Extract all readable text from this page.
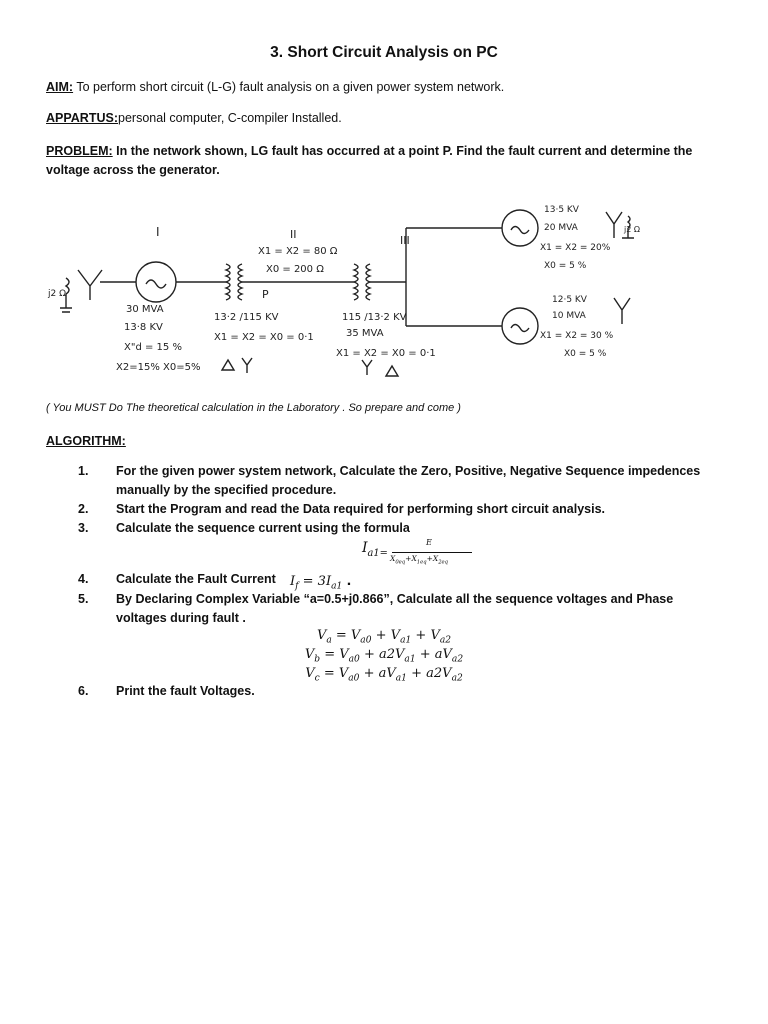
3. Short Circuit Analysis on PC
AIM: To perform short circuit (L-G) fault analysis on a given power system network.
APPARTUS:personal computer, C-compiler Installed.
PROBLEM: In the network shown, LG fault has occurred at a point P. Find the fault current and determine the voltage across the generator.
I
j2 Ω
30 MVA
13·8 KV
X"d = 15 %
X2=15% X0=5%
13·2 /115 KV
X1 = X2 = X0 = 0·1
II
X1 = X2 = 80 Ω
X0 = 200 Ω
P
III
115 /13·2 KV
35 MVA
X1 = X2 = X0 = 0·1
13·5 KV
20 MVA
X1 = X2 = 20%
X0 = 5 %
j2 Ω
12·5 KV
10 MVA
X1 = X2 = 30 %
X0 = 5 %
( You MUST Do The theoretical calculation in the Laboratory . So prepare and come )
ALGORITHM:
1.	For the given power system network, Calculate the Zero, Positive, Negative Sequence impedences manually by the specified procedure.
2.	Start the Program and read the Data required for performing short circuit analysis.
3.	Calculate the sequence current using the formula
4.	Calculate the Fault Current
5.	By Declaring Complex Variable “a=0.5+j0.866”, Calculate all the sequence voltages and Phase voltages during fault .
6.	Print the fault Voltages.
$I_{a1=}$
E
$X_{0eq}+X_{1eq}+X_{2eq}$
$I_f = 3I_{a1}$ .
$V_a = V_{a0} + V_{a1} + V_{a2}$
$V_b = V_{a0} + a2V_{a1} + aV_{a2}$
$V_c = V_{a0} + aV_{a1} + a2V_{a2}$
